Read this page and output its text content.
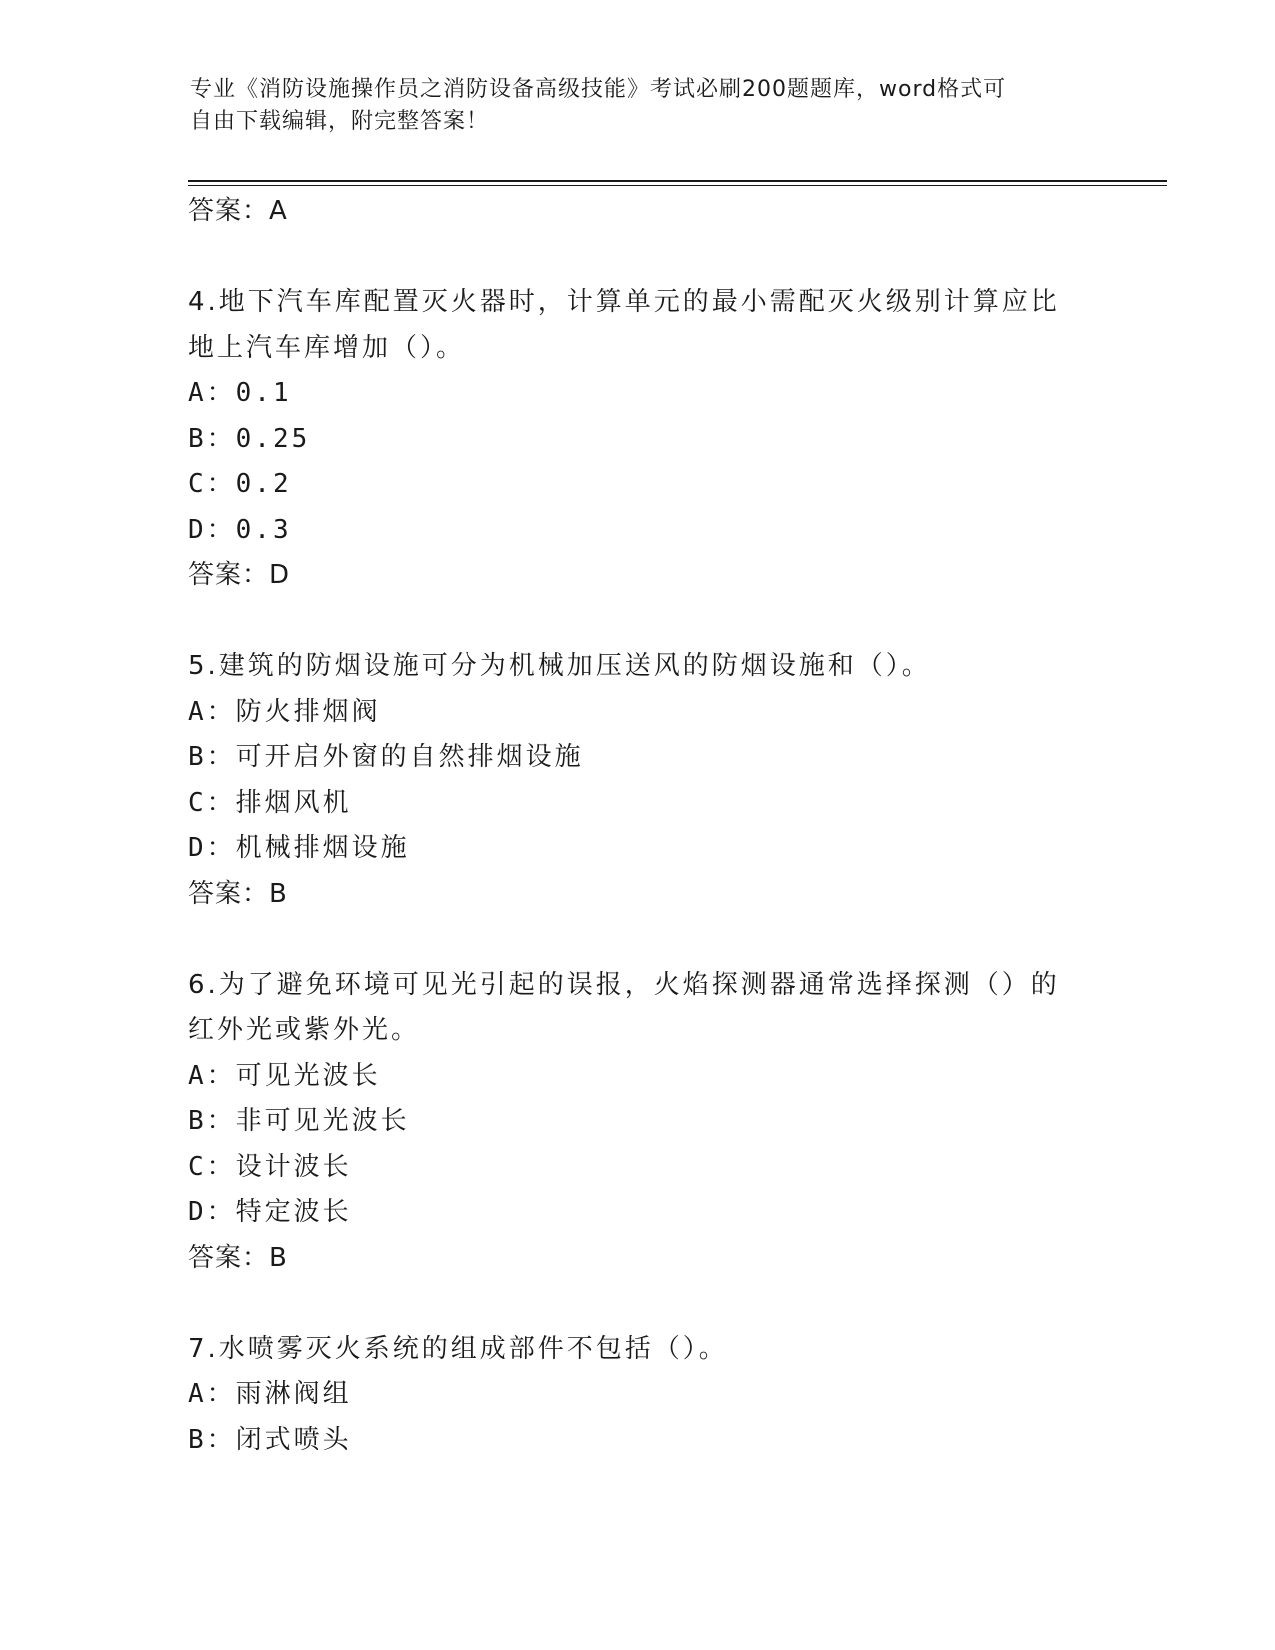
专业《消防设施操作员之消防设备高级技能》考试必刷200题题库，word格式可
自由下载编辑，附完整答案！
答案：A
4.地下汽车库配置灭火器时，计算单元的最小需配灭火级别计算应比
地上汽车库增加（）。
A：0.1
B：0.25
C：0.2
D：0.3
答案：D
5.建筑的防烟设施可分为机械加压送风的防烟设施和（）。
A：防火排烟阀
B：可开启外窗的自然排烟设施
C：排烟风机
D：机械排烟设施
答案：B
6.为了避免环境可见光引起的误报，火焰探测器通常选择探测（）的
红外光或紫外光。
A：可见光波长
B：非可见光波长
C：设计波长
D：特定波长
答案：B
7.水喷雾灭火系统的组成部件不包括（）。
A：雨淋阀组
B：闭式喷头
